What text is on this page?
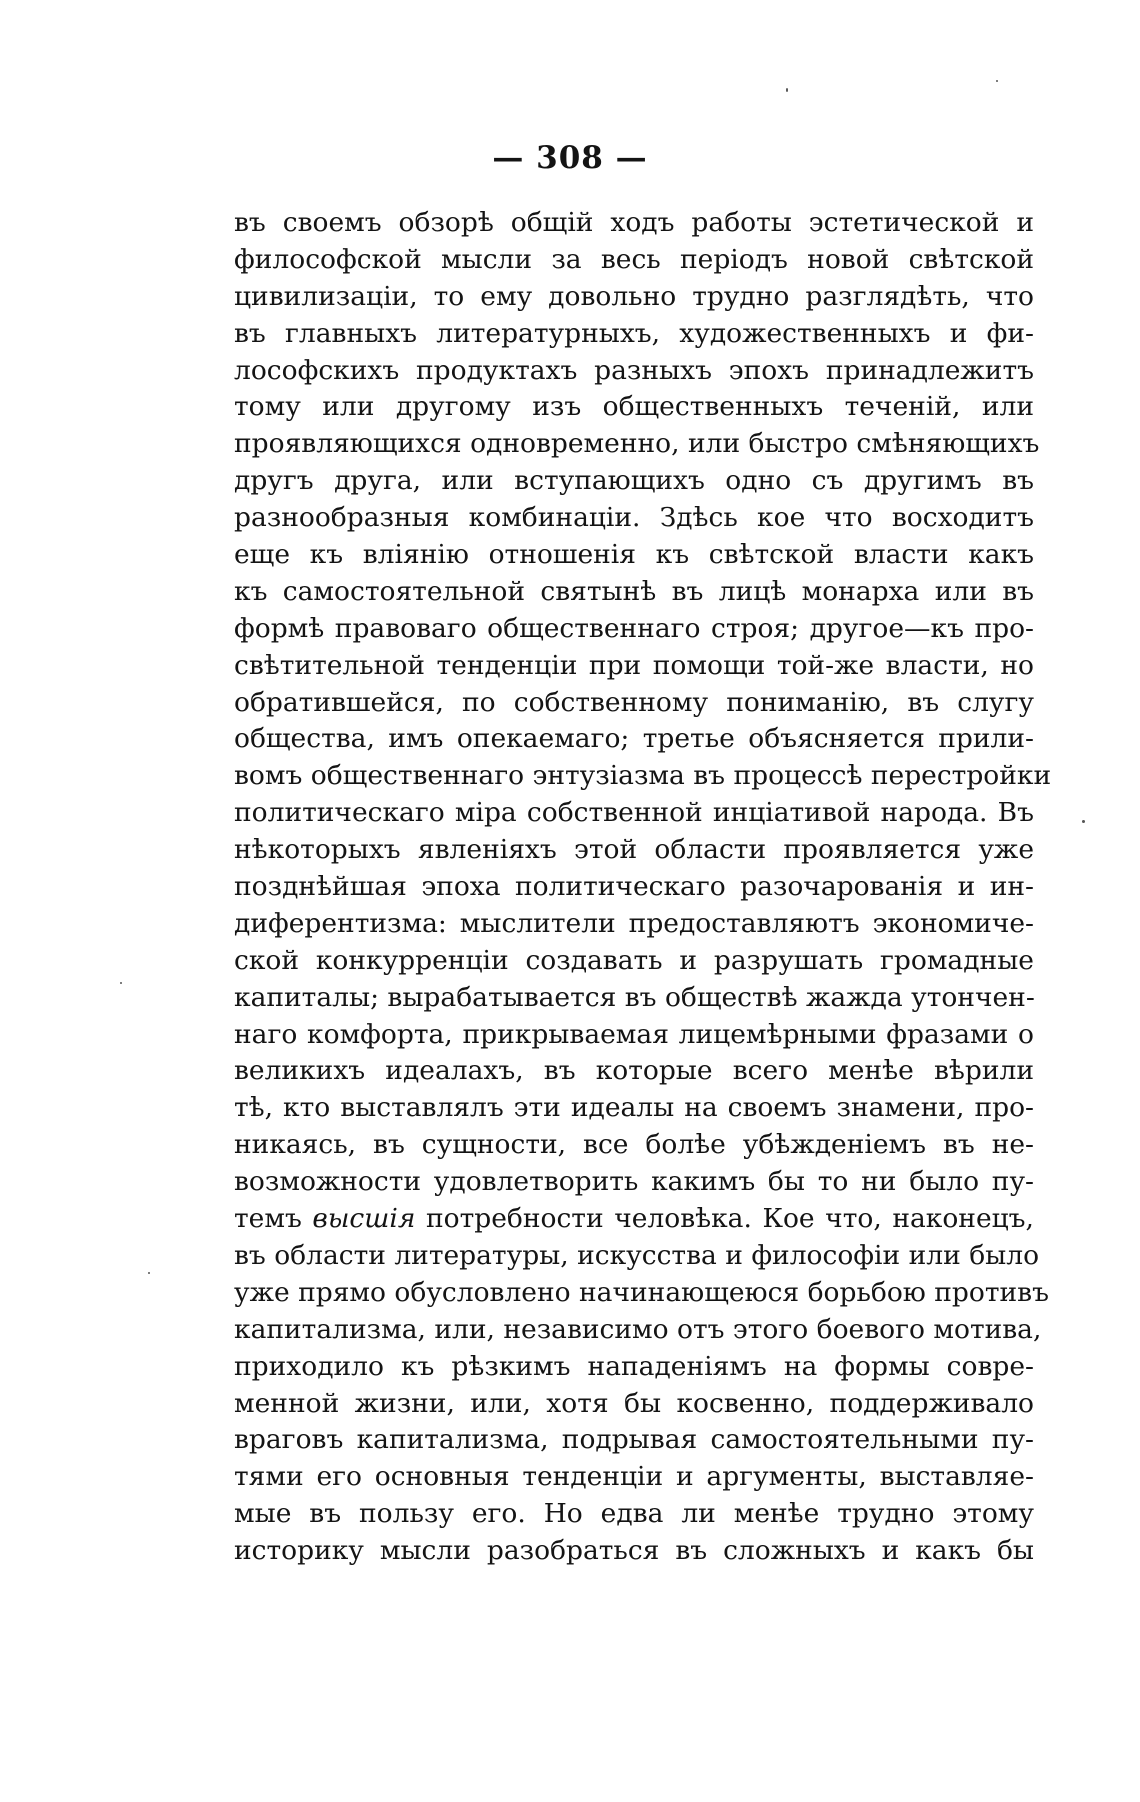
— 308 —
въ своемъ обзорѣ общій ходъ работы эстетической и
философской мысли за весь періодъ новой свѣтской
цивилизаціи, то ему довольно трудно разглядѣть, что
въ главныхъ литературныхъ, художественныхъ и фи-
лософскихъ продуктахъ разныхъ эпохъ принадлежитъ
тому или другому изъ общественныхъ теченій, или
проявляющихся одновременно, или быстро смѣняющихъ
другъ друга, или вступающихъ одно съ другимъ въ
разнообразныя комбинаціи. Здѣсь кое что восходитъ
еще къ вліянію отношенія къ свѣтской власти какъ
къ самостоятельной святынѣ въ лицѣ монарха или въ
формѣ правоваго общественнаго строя; другое—къ про-
свѣтительной тенденціи при помощи той-же власти, но
обратившейся, по собственному пониманію, въ слугу
общества, имъ опекаемаго; третье объясняется прили-
вомъ общественнаго энтузіазма въ процессѣ перестройки
политическаго міра собственной инціативой народа. Въ
нѣкоторыхъ явленіяхъ этой области проявляется уже
позднѣйшая эпоха политическаго разочарованія и ин-
диферентизма: мыслители предоставляютъ экономиче-
ской конкурренціи создавать и разрушать громадные
капиталы; вырабатывается въ обществѣ жажда утончен-
наго комфорта, прикрываемая лицемѣрными фразами о
великихъ идеалахъ, въ которые всего менѣе вѣрили
тѣ, кто выставлялъ эти идеалы на своемъ знамени, про-
никаясь, въ сущности, все болѣе убѣжденіемъ въ не-
возможности удовлетворить какимъ бы то ни было пу-
темъ высшія потребности человѣка. Кое что, наконецъ,
въ области литературы, искусства и философіи или было
уже прямо обусловлено начинающеюся борьбою противъ
капитализма, или, независимо отъ этого боевого мотива,
приходило къ рѣзкимъ нападеніямъ на формы совре-
менной жизни, или, хотя бы косвенно, поддерживало
враговъ капитализма, подрывая самостоятельными пу-
тями его основныя тенденціи и аргументы, выставляе-
мые въ пользу его. Но едва ли менѣе трудно этому
историку мысли разобраться въ сложныхъ и какъ бы
